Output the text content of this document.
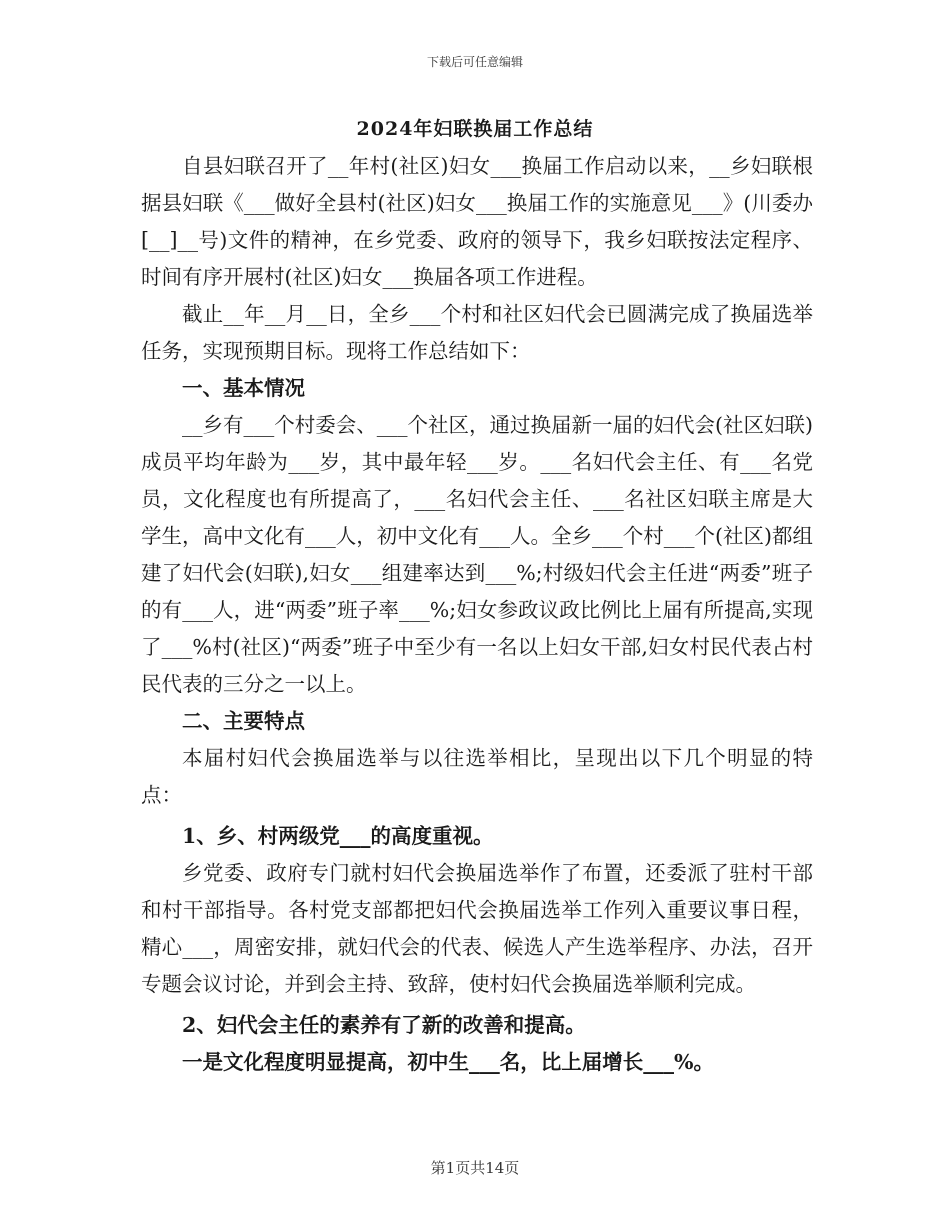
下载后可任意编辑
2024年妇联换届工作总结

自县妇联召开了__年村(社区)妇女___换届工作启动以来，__乡妇联根据县妇联《___做好全县村(社区)妇女___换届工作的实施意见___》(川委办[__]__号)文件的精神，在乡党委、政府的领导下，我乡妇联按法定程序、时间有序开展村(社区)妇女___换届各项工作进程。

截止__年__月__日，全乡___个村和社区妇代会已圆满完成了换届选举任务，实现预期目标。现将工作总结如下：

一、基本情况

__乡有___个村委会、___个社区，通过换届新一届的妇代会(社区妇联)成员平均年龄为___岁，其中最年轻___岁。___名妇代会主任、有___名党员，文化程度也有所提高了，___名妇代会主任、___名社区妇联主席是大学生，高中文化有___人，初中文化有___人。全乡___个村___个(社区)都组建了妇代会(妇联),妇女___组建率达到___%;村级妇代会主任进“两委”班子的有___人，进“两委”班子率___%;妇女参政议政比例比上届有所提高,实现了___%村(社区)“两委”班子中至少有一名以上妇女干部,妇女村民代表占村民代表的三分之一以上。

二、主要特点

本届村妇代会换届选举与以往选举相比，呈现出以下几个明显的特点：

1、乡、村两级党___的高度重视。

乡党委、政府专门就村妇代会换届选举作了布置，还委派了驻村干部和村干部指导。各村党支部都把妇代会换届选举工作列入重要议事日程，精心___，周密安排，就妇代会的代表、候选人产生选举程序、办法，召开专题会议讨论，并到会主持、致辞，使村妇代会换届选举顺利完成。

2、妇代会主任的素养有了新的改善和提高。

一是文化程度明显提高，初中生___名，比上届增长___%。

第1页共14页
